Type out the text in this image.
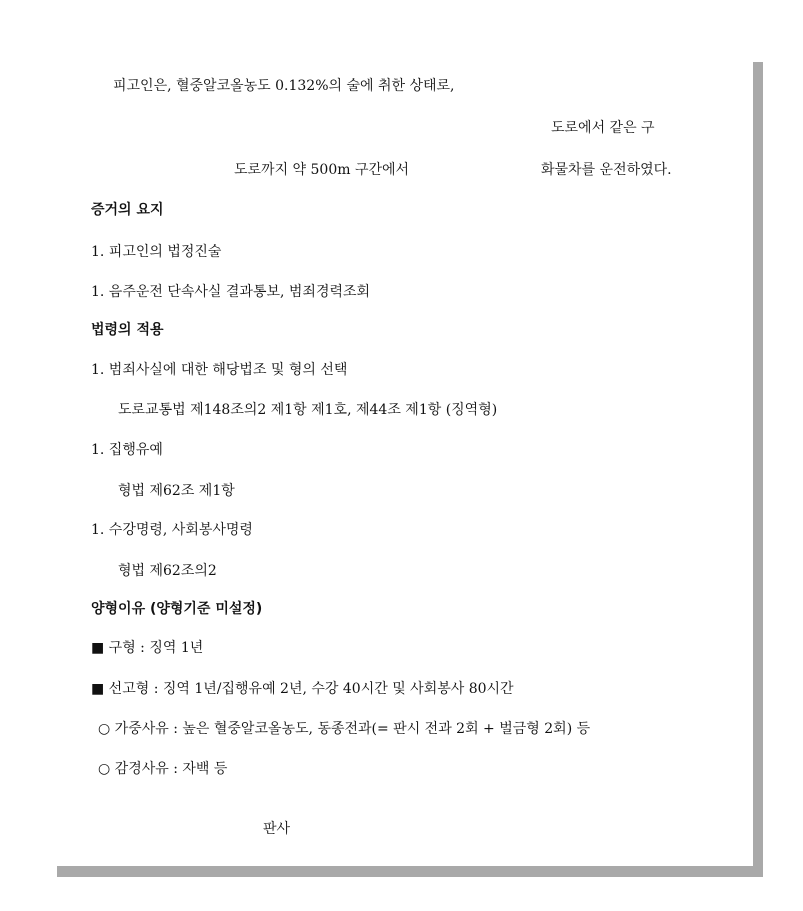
피고인은, 혈중알코올농도 0.132%의 술에 취한 상태로,
도로에서 같은 구
도로까지 약 500m 구간에서	화물차를 운전하였다.
증거의 요지
1. 피고인의 법정진술
1. 음주운전 단속사실 결과통보, 범죄경력조회
법령의 적용
1. 범죄사실에 대한 해당법조 및 형의 선택
도로교통법 제148조의2 제1항 제1호, 제44조 제1항 (징역형)
1. 집행유예
형법 제62조 제1항
1. 수강명령, 사회봉사명령
형법 제62조의2
양형이유 (양형기준 미설정)
■ 구형 : 징역 1년
■ 선고형 : 징역 1년/집행유예 2년, 수강 40시간 및 사회봉사 80시간
○ 가중사유 : 높은 혈중알코올농도, 동종전과(= 판시 전과 2회 + 벌금형 2회) 등
○ 감경사유 : 자백 등
판사
